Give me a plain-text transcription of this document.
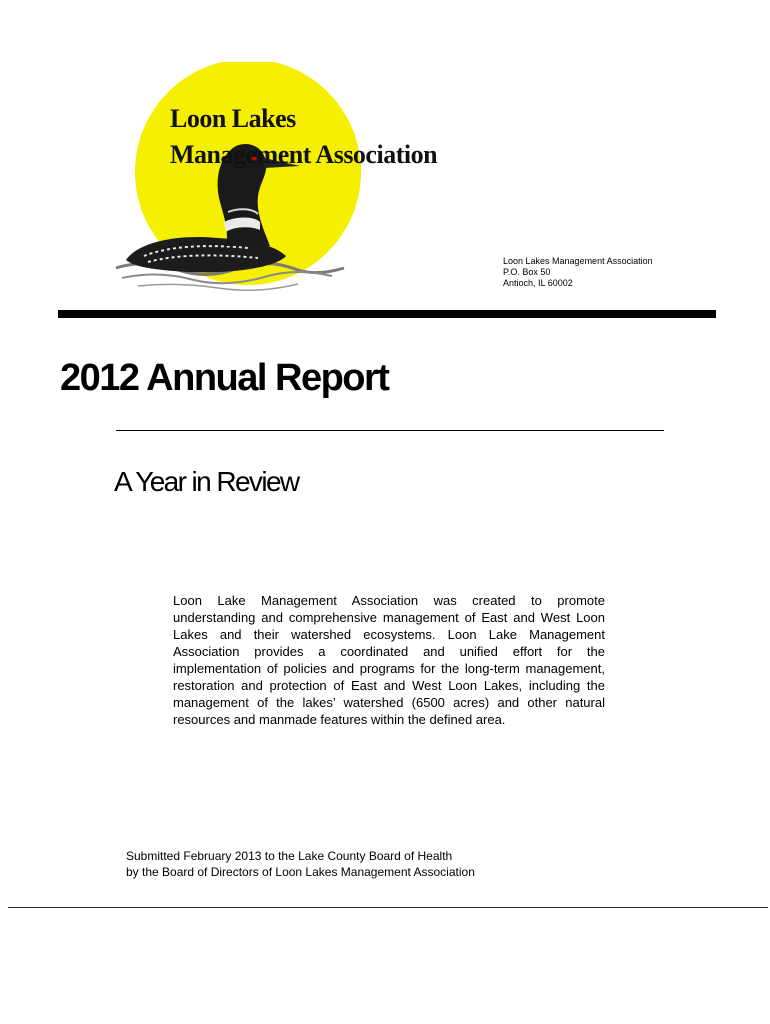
Loon Lakes
Management Association
Loon Lakes Management Association
P.O. Box 50
Antioch, IL 60002
2012 Annual Report
A Year in Review
Loon Lake Management Association was created to promote understanding and comprehensive management of East and West Loon Lakes and their watershed ecosystems. Loon Lake Management Association provides a coordinated and unified effort for the implementation of policies and programs for the long-term management, restoration and protection of East and West Loon Lakes, including the management of the lakes’ watershed (6500 acres) and other natural resources and manmade features within the defined area.
Submitted February 2013 to the Lake County Board of Health
by the Board of Directors of Loon Lakes Management Association
